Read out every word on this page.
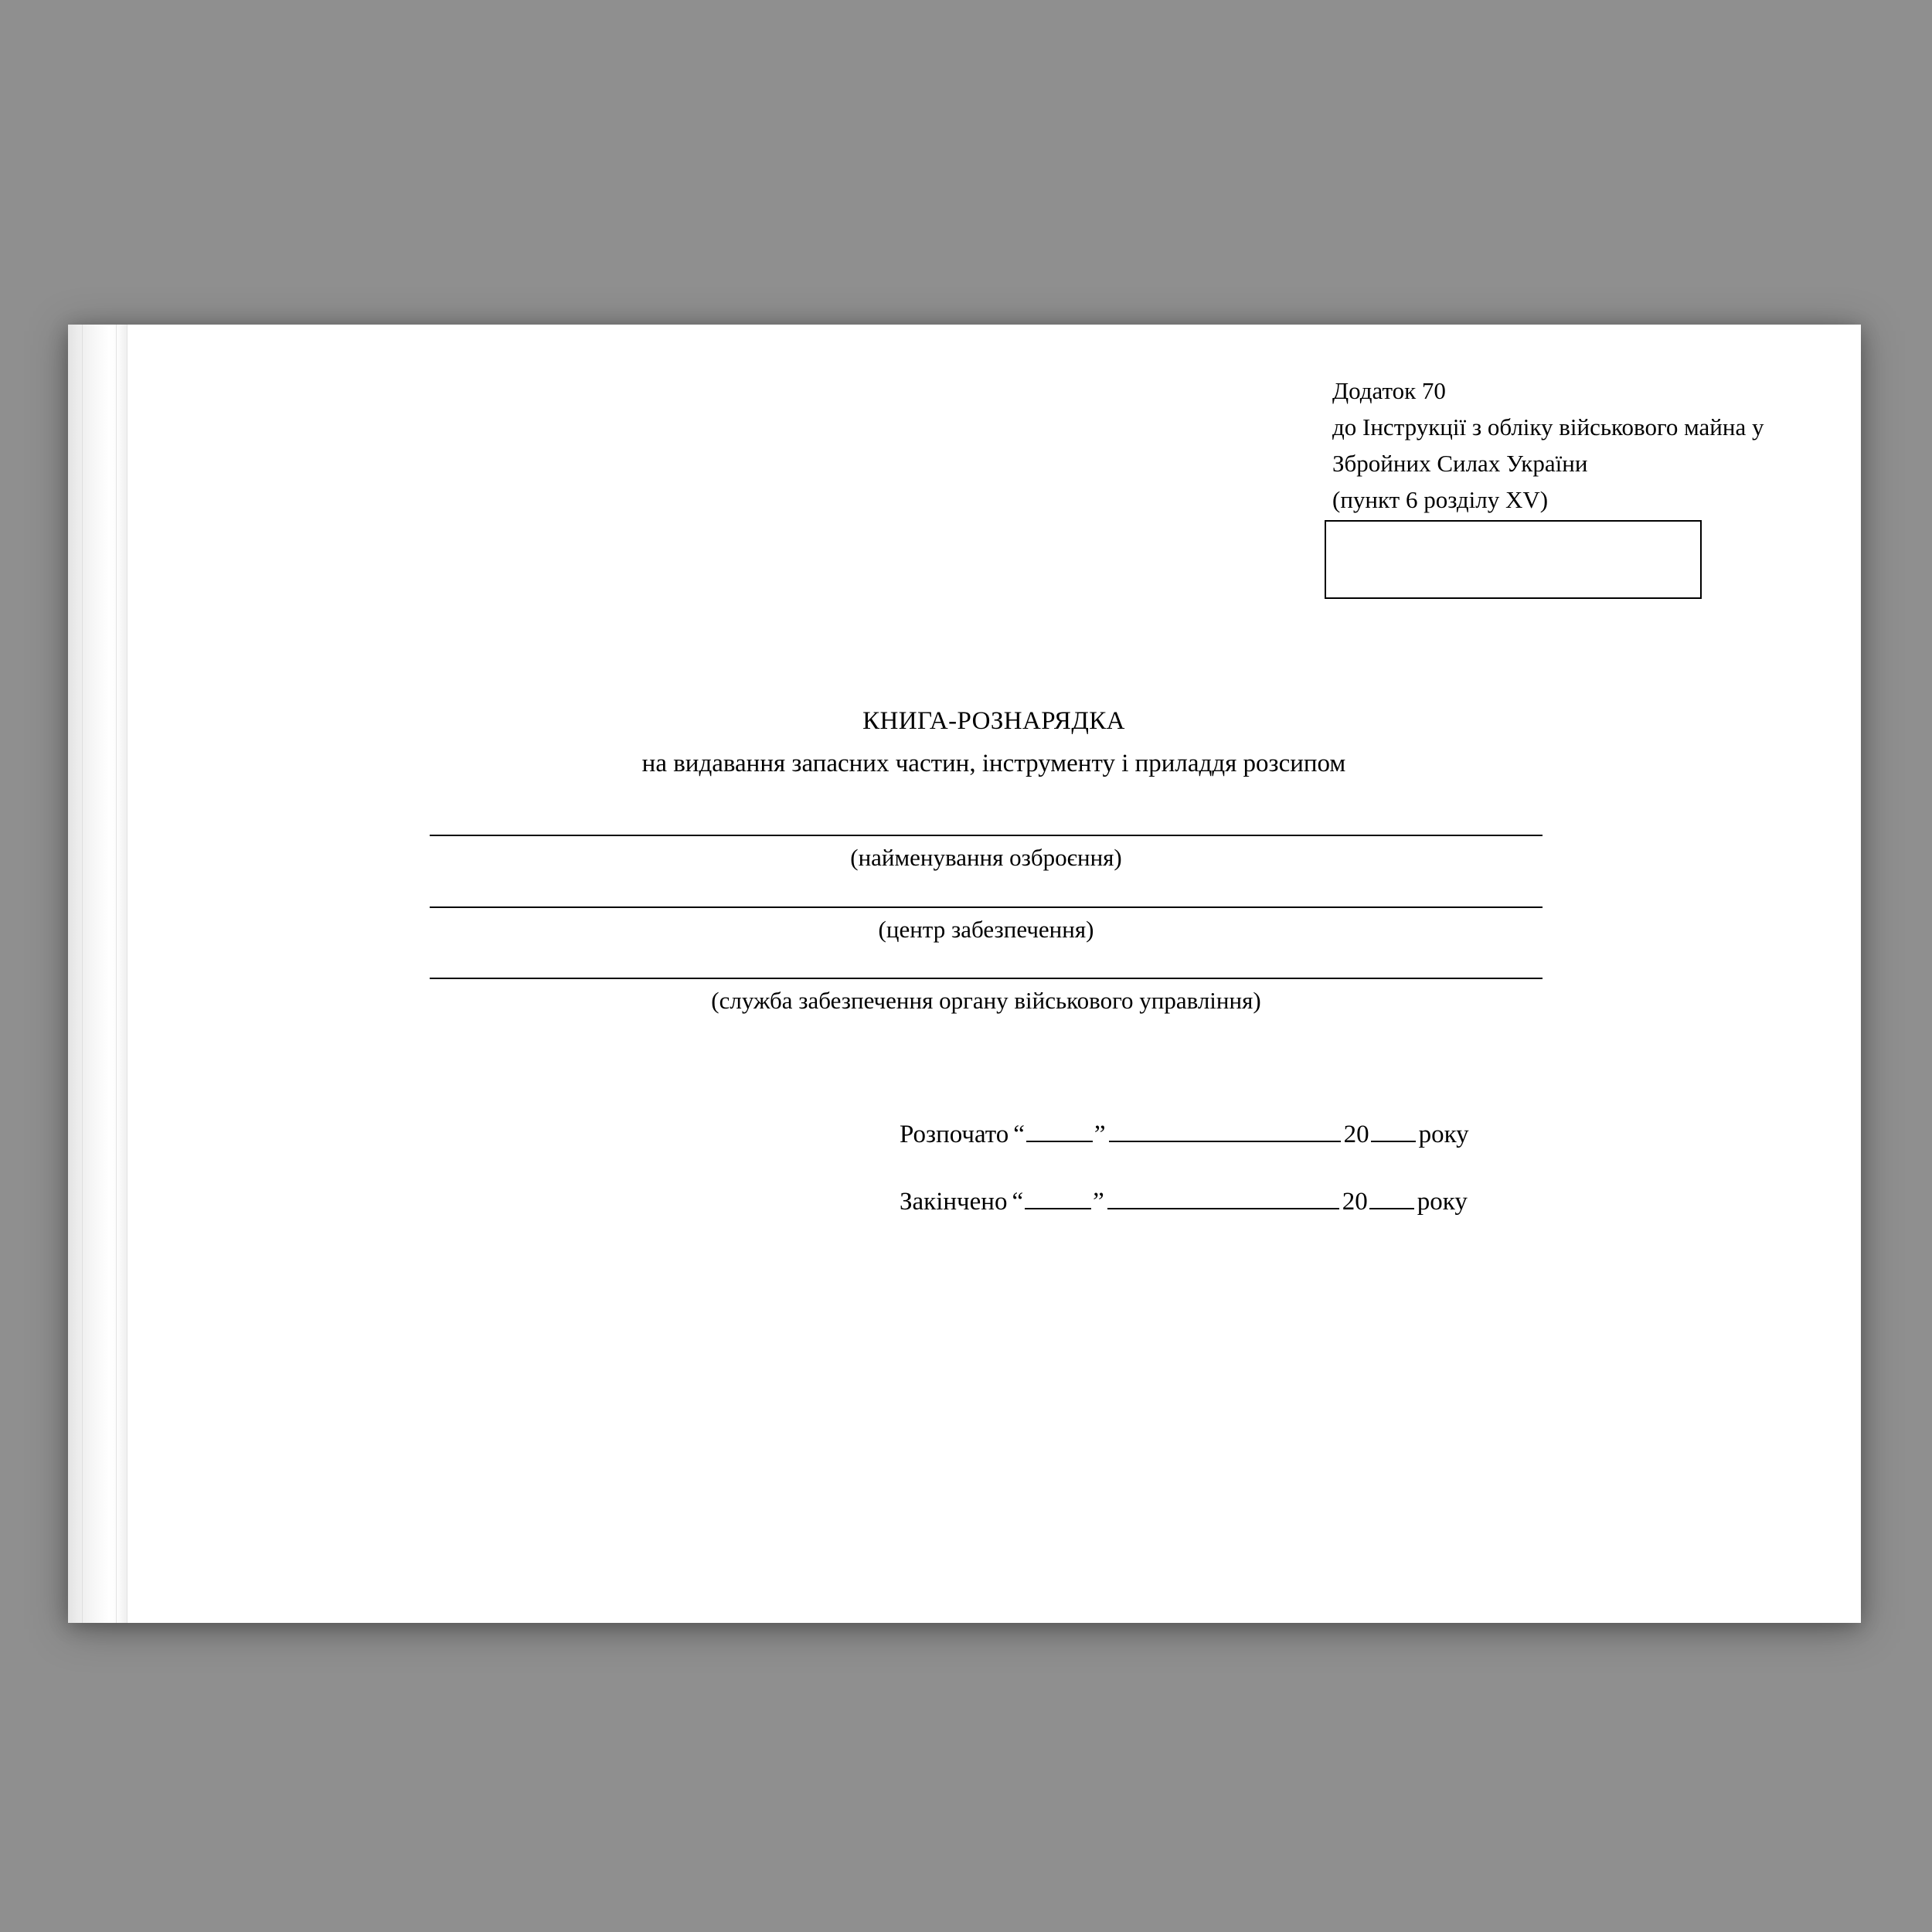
Додаток 70
до Інструкції з обліку військового майна у
Збройних Силах України
(пункт 6 розділу XV)
КНИГА-РОЗНАРЯДКА
на видавання запасних частин, інструменту і приладдя розсипом
(найменування озброєння)
(центр забезпечення)
(служба забезпечення органу військового управління)
Розпочато “	”	20 року
Закінчено “	”	20 року
